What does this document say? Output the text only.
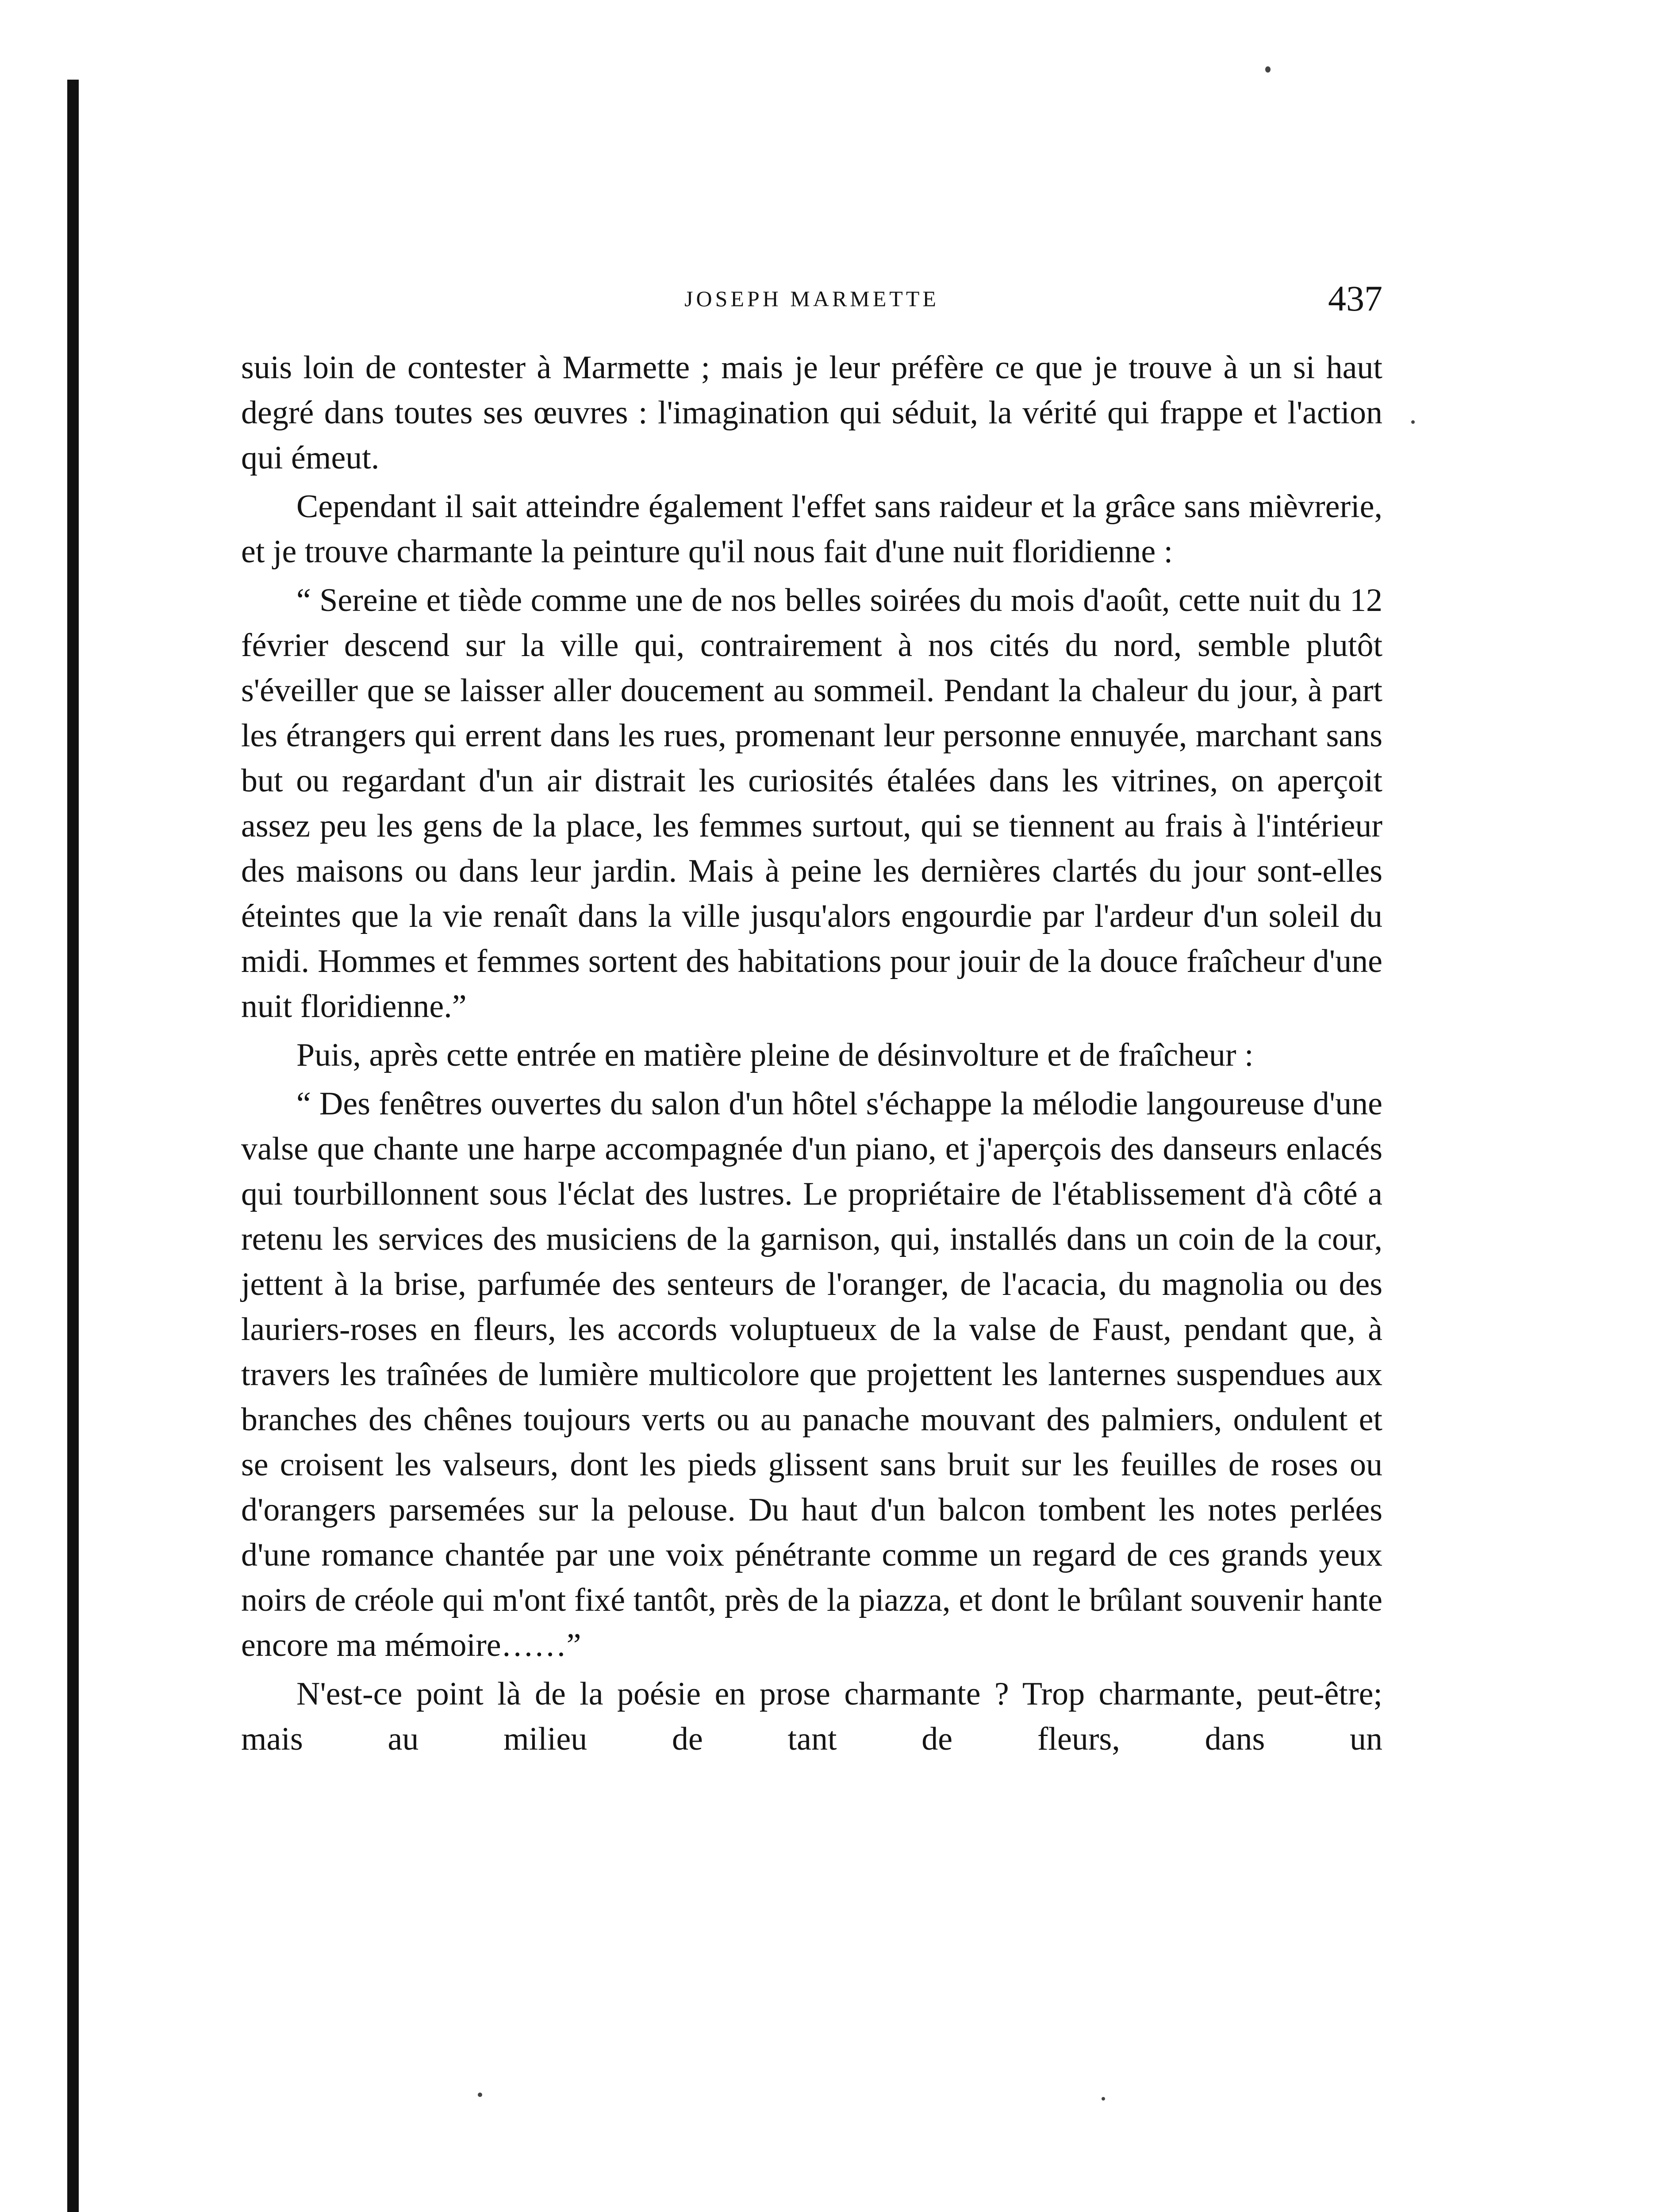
JOSEPH MARMETTE	437

suis loin de contester à Marmette ; mais je leur préfère ce que je trouve à un si haut degré dans toutes ses œuvres : l'imagination qui séduit, la vérité qui frappe et l'action qui émeut.

Cependant il sait atteindre également l'effet sans raideur et la grâce sans mièvrerie, et je trouve charmante la peinture qu'il nous fait d'une nuit floridienne :

“ Sereine et tiède comme une de nos belles soirées du mois d'août, cette nuit du 12 février descend sur la ville qui, contrairement à nos cités du nord, semble plutôt s'éveiller que se laisser aller doucement au sommeil. Pendant la chaleur du jour, à part les étrangers qui errent dans les rues, promenant leur personne ennuyée, marchant sans but ou regardant d'un air distrait les curiosités étalées dans les vitrines, on aperçoit assez peu les gens de la place, les femmes surtout, qui se tiennent au frais à l'intérieur des maisons ou dans leur jardin. Mais à peine les dernières clartés du jour sont-elles éteintes que la vie renaît dans la ville jusqu'alors engourdie par l'ardeur d'un soleil du midi. Hommes et femmes sortent des habitations pour jouir de la douce fraîcheur d'une nuit floridienne.”

Puis, après cette entrée en matière pleine de désinvolture et de fraîcheur :

“ Des fenêtres ouvertes du salon d'un hôtel s'échappe la mélodie langoureuse d'une valse que chante une harpe accompagnée d'un piano, et j'aperçois des danseurs enlacés qui tourbillonnent sous l'éclat des lustres. Le propriétaire de l'établissement d'à côté a retenu les services des musiciens de la garnison, qui, installés dans un coin de la cour, jettent à la brise, parfumée des senteurs de l'oranger, de l'acacia, du magnolia ou des lauriers-roses en fleurs, les accords voluptueux de la valse de Faust, pendant que, à travers les traînées de lumière multicolore que projettent les lanternes suspendues aux branches des chênes toujours verts ou au panache mouvant des palmiers, ondulent et se croisent les valseurs, dont les pieds glissent sans bruit sur les feuilles de roses ou d'orangers parsemées sur la pelouse. Du haut d'un balcon tombent les notes perlées d'une romance chantée par une voix pénétrante comme un regard de ces grands yeux noirs de créole qui m'ont fixé tantôt, près de la piazza, et dont le brûlant souvenir hante encore ma mémoire……”

N'est-ce point là de la poésie en prose charmante ? Trop charmante, peut-être; mais au milieu de tant de fleurs, dans un
